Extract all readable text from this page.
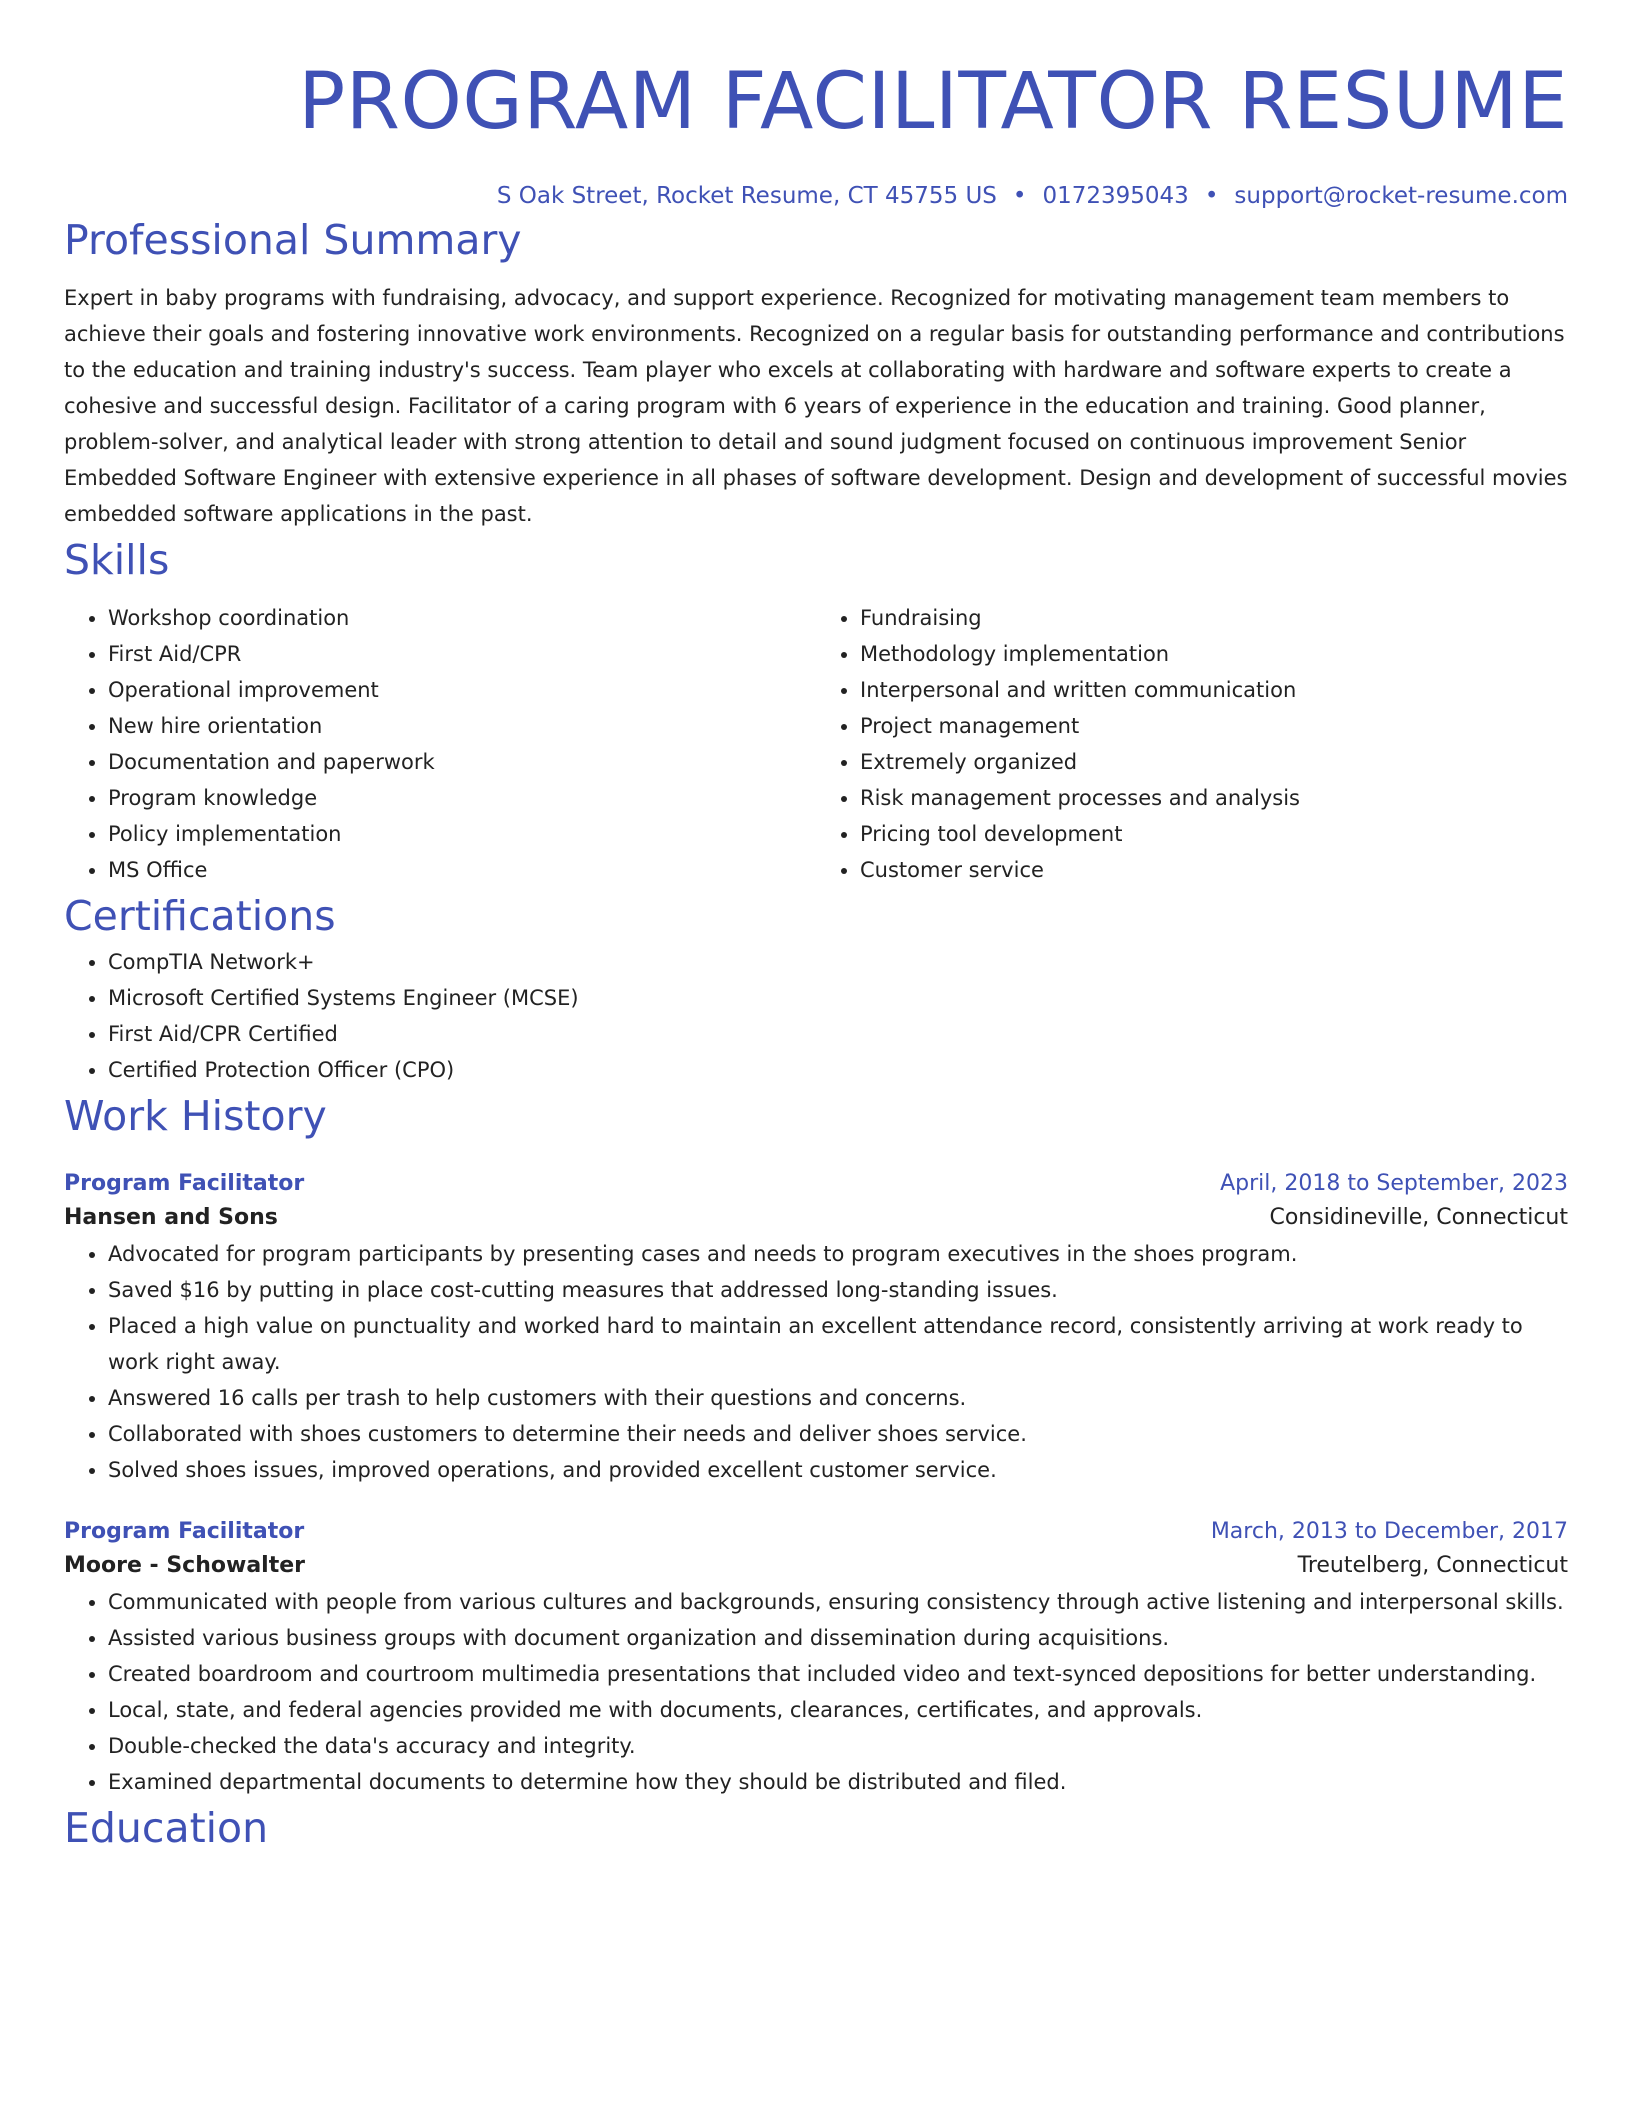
PROGRAM FACILITATOR RESUME
S Oak Street, Rocket Resume, CT 45755 US • 0172395043 • support@rocket-resume.com
Professional Summary

Expert in baby programs with fundraising, advocacy, and support experience. Recognized for motivating management team members to achieve their goals and fostering innovative work environments. Recognized on a regular basis for outstanding performance and contributions to the education and training industry's success. Team player who excels at collaborating with hardware and software experts to create a cohesive and successful design. Facilitator of a caring program with 6 years of experience in the education and training. Good planner, problem-solver, and analytical leader with strong attention to detail and sound judgment focused on continuous improvement Senior Embedded Software Engineer with extensive experience in all phases of software development. Design and development of successful movies embedded software applications in the past.

Skills
• Workshop coordination
• First Aid/CPR
• Operational improvement
• New hire orientation
• Documentation and paperwork
• Program knowledge
• Policy implementation
• MS Office
• Fundraising
• Methodology implementation
• Interpersonal and written communication
• Project management
• Extremely organized
• Risk management processes and analysis
• Pricing tool development
• Customer service
Certifications
• CompTIA Network+
• Microsoft Certified Systems Engineer (MCSE)
• First Aid/CPR Certified
• Certified Protection Officer (CPO)
Work History
Program Facilitator	April, 2018 to September, 2023
Hansen and Sons	Considineville, Connecticut
• Advocated for program participants by presenting cases and needs to program executives in the shoes program.
• Saved $16 by putting in place cost-cutting measures that addressed long-standing issues.
• Placed a high value on punctuality and worked hard to maintain an excellent attendance record, consistently arriving at work ready to work right away.
• Answered 16 calls per trash to help customers with their questions and concerns.
• Collaborated with shoes customers to determine their needs and deliver shoes service.
• Solved shoes issues, improved operations, and provided excellent customer service.
Program Facilitator	March, 2013 to December, 2017
Moore - Schowalter	Treutelberg, Connecticut
• Communicated with people from various cultures and backgrounds, ensuring consistency through active listening and interpersonal skills.
• Assisted various business groups with document organization and dissemination during acquisitions.
• Created boardroom and courtroom multimedia presentations that included video and text-synced depositions for better understanding.
• Local, state, and federal agencies provided me with documents, clearances, certificates, and approvals.
• Double-checked the data's accuracy and integrity.
• Examined departmental documents to determine how they should be distributed and filed.
Education
